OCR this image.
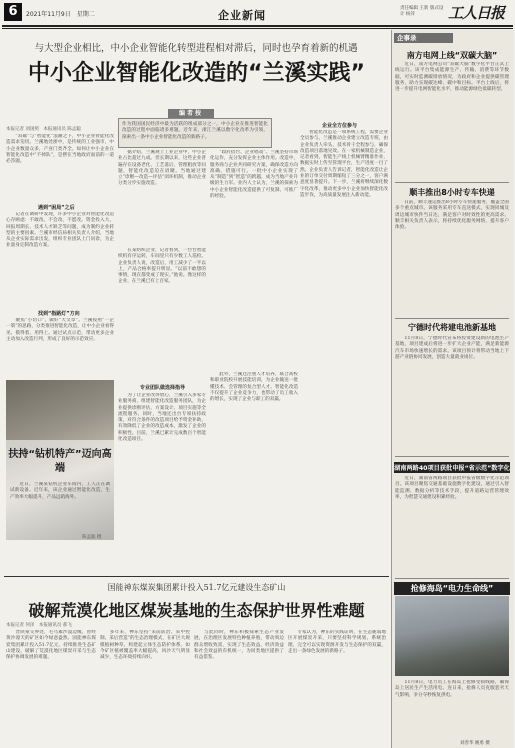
6	2021年11月9日　星期二	企业新闻
责任编辑 王新 版式设计 杨萍	工人日报
与大型企业相比，中小企业智能化转型进程相对滞后，同时也孕育着新的机遇
中小企业智能化改造的“兰溪实践”
编者按
作为我国国民经济中最为活跃的组成部分之一，中小企业在推进智能化改造的过程中面临诸多难题。近年来，浙江兰溪以数字化改革为引领，探索出一条中小企业智能化改造的新路子。
本报记者 刘国照　本报通讯员 陈孟聪
　　“双碳”与“智能化”浪潮之下，中小企业智能化改造需求迫切。兰溪地处浙中，是传统的工业强市，中小企业数量众多，产业门类齐全。如何让中小企业在智能化改造中“不掉队”，是摆在当地政府面前的一道必答题。
遇到“困局”之后
　　记者在调研中发现，许多中小企业对智能化改造心存顾虑：不敢改、不会改、不愿改。资金投入大、回报周期长、技术人才缺乏等问题，成为制约企业转型的主要因素。兰溪市经信局相关负责人介绍，当地从企业实际需求出发，组织专业团队上门问诊，为企业量身定制改造方案。
找到“指路灯”方向
　　聚焦“小切口”，做好“大文章”。兰溪按照“一企一策”的思路，分类推进智能化改造，让中小企业看得见、摸得着、用得上。通过试点示范，带动更多企业主动加入改造行列，形成了良好的示范效应。
扶持“钻机特产”迈向高端
　　近日，兰溪某钻机企业车间内，工人正在调试新设备。近年来，该企业通过智能化改造，生产效率大幅提升，产品远销海外。
陈孟聪 摄
　　据介绍，兰溪规上工业企业中，中小企业占比超过九成。但长期以来，这些企业普遍存在设备老化、工艺落后、管理粗放等问题，智能化改造迫在眉睫。当地通过建立“诊断—改造—评估”闭环机制，推动企业分类分步实施改造。
　　在某纺织企业，记者看到，一台台智能织机有序运转，车间里只有少数工人巡检。企业负责人说，改造后，用工减少了一半以上，产品合格率提升明显。“以前不敢想的事情，现在都变成了现实。”他说。像这样的企业，在兰溪已有上百家。
专业团队做选择指导
　　为了让企业改得放心，兰溪引入多家专业服务商，组建智能化改造服务团队，为企业提供诊断评估、方案设计、项目实施等全流程服务。同时，当地还出台专项扶持政策，对符合条件的改造项目给予资金补助，有效降低了企业的改造成本，激发了企业的积极性。目前，兰溪已累计完成数百个智能化改造项目。
　　“政府搭台、企业唱戏”。兰溪坚持市场化运作，充分发挥企业主体作用。改造中，服务商与企业共同研究方案，确保改造方向准确、措施可行。一批中小企业实现了从“制造”到“智造”的跨越，成为当地产业升级的生力军。业内人士认为，兰溪的探索为中小企业智能化改造提供了可复制、可推广的经验。
　　此外，兰溪还注重人才培养，联合高校和职业院校开展技能培训，为企业输送一批懂技术、会管理的复合型人才。智能化改造不仅提升了企业竞争力，也带动了员工收入的增长，实现了企业与职工的双赢。
企业全方位参与
　　智能化改造是一项系统工程，需要企业全员参与。兰溪推动企业建立改造专班，由企业负责人牵头，技术骨干全程参与，确保改造项目落地见效。在一家机械制造企业，记者看到，智能生产线上机械臂精准作业，数据实时上传至管理平台，生产进度一目了然。企业负责人告诉记者，智能化改造让企业的订单交付周期缩短了三分之一，客户满意度显著提升。下一步，兰溪将继续深化数字化改革，推动更多中小企业加快智能化改造步伐，为高质量发展注入新动能。
国能神东煤炭集团累计投入51.7亿元建设生态矿山
破解荒漠化地区煤炭基地的生态保护世界性难题
本报记者 何泽　本报通讯员 郝飞
　　晋陕蒙交界处，毛乌素沙漠边缘，曾经黄沙漫天的矿区如今绿意盎然。国能神东煤炭集团累计投入51.7亿元，持续推进生态矿山建设，破解了荒漠化地区煤炭开采与生态保护协调发展的难题。
　　多年来，神东坚持“采前防治、采中控制、采后营造”的生态治理模式，在矿区大规模植树种草，构建起立体生态防护体系。如今矿区植被覆盖率大幅提高，风沙天气明显减少，生态环境持续向好。
　　与此同时，神东积极探索生态产业发展，在治理区发展特色种植养殖，带动周边群众增收致富，实现了生态效益、经济效益和社会效益的有机统一，为同类地区提供了有益借鉴。
　　专家认为，神东的实践证明，在生态脆弱地区开展煤炭开采，只要坚持科学规划、系统治理，完全可以实现资源开发与生态保护的双赢，走出一条绿色发展的新路子。
企事录
南方电网上线“双碳大脑”
　　近日，南方电网公司“双碳大脑”数字化平台正式上线运行。该平台集成能源生产、传输、消费等环节数据，可实时监测碳排放情况，为政府和企业提供碳管理服务，助力实现碳达峰、碳中和目标。平台上线后，将进一步提升电网智能化水平，推动能源绿色低碳转型。
顺丰推出8小时专车快递
　　日前，顺丰速运推出8小时专车快递服务，覆盖全国多个重点城市。该服务采用专车直送模式，实现同城及周边城市快件当日达，满足客户对时效性的更高需求。顺丰相关负责人表示，将持续优化服务网络，提升客户体验。
宁德时代将建电池新基地
　　11月8日，宁德时代宣布将投资建设新的电池生产基地，项目建成后将进一步扩大企业产能，满足新能源汽车市场快速增长的需求。该项目预计将带动当地上下游产业链协同发展，创造大量就业岗位。
湖南两路40项目获批申报“省示范”数字化
　　近日，湖南省两路项目获批申报省级数字化示范项目。该项目聚焦交通基础设施数字化建设，通过引入智能监测、数据分析等技术手段，提升道路运营管理效率，为智慧交通建设积累经验。
抢修海岛“电力生命线”
　　11月8日，电力员工在海岛上抢修受损线路，确保岛上居民生产生活用电。连日来，抢修人员克服恶劣天气影响，争分夺秒恢复供电。
刘善华 姚勇 摄
